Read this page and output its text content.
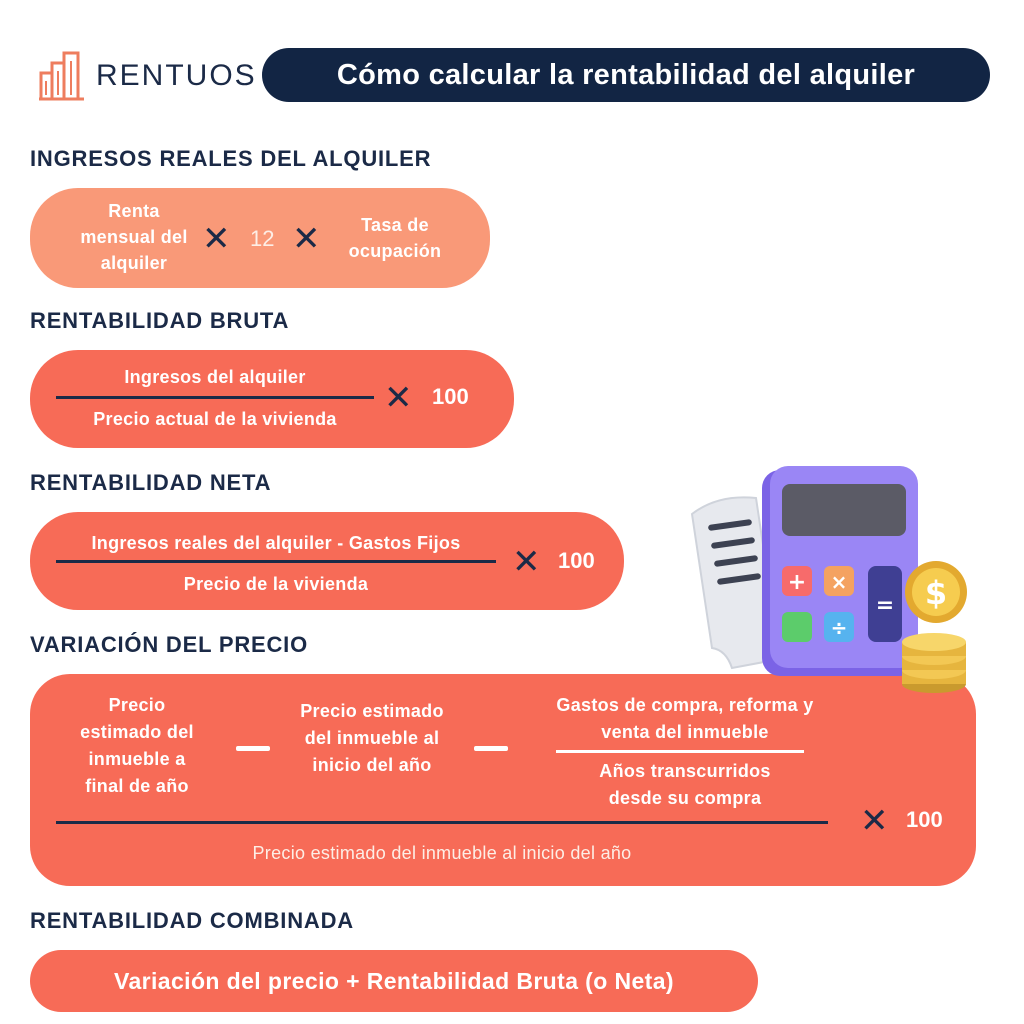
RENTUOS	Cómo calcular la rentabilidad del alquiler
INGRESOS REALES DEL ALQUILER
Renta mensual del alquiler
✕ 12 ✕	Tasa de ocupación
RENTABILIDAD BRUTA
Ingresos del alquiler
Precio actual de la vivienda
✕ 100
RENTABILIDAD NETA
Ingresos reales del alquiler - Gastos Fijos
Precio de la vivienda
✕ 100
VARIACIÓN DEL PRECIO
Precio estimado del inmueble a final de año
Precio estimado del inmueble al inicio del año
Gastos de compra, reforma y venta del inmueble
Años transcurridos desde su compra
Precio estimado del inmueble al inicio del año
✕ 100
RENTABILIDAD COMBINADA
Variación del precio + Rentabilidad Bruta (o Neta)
+ ×
÷
= $
